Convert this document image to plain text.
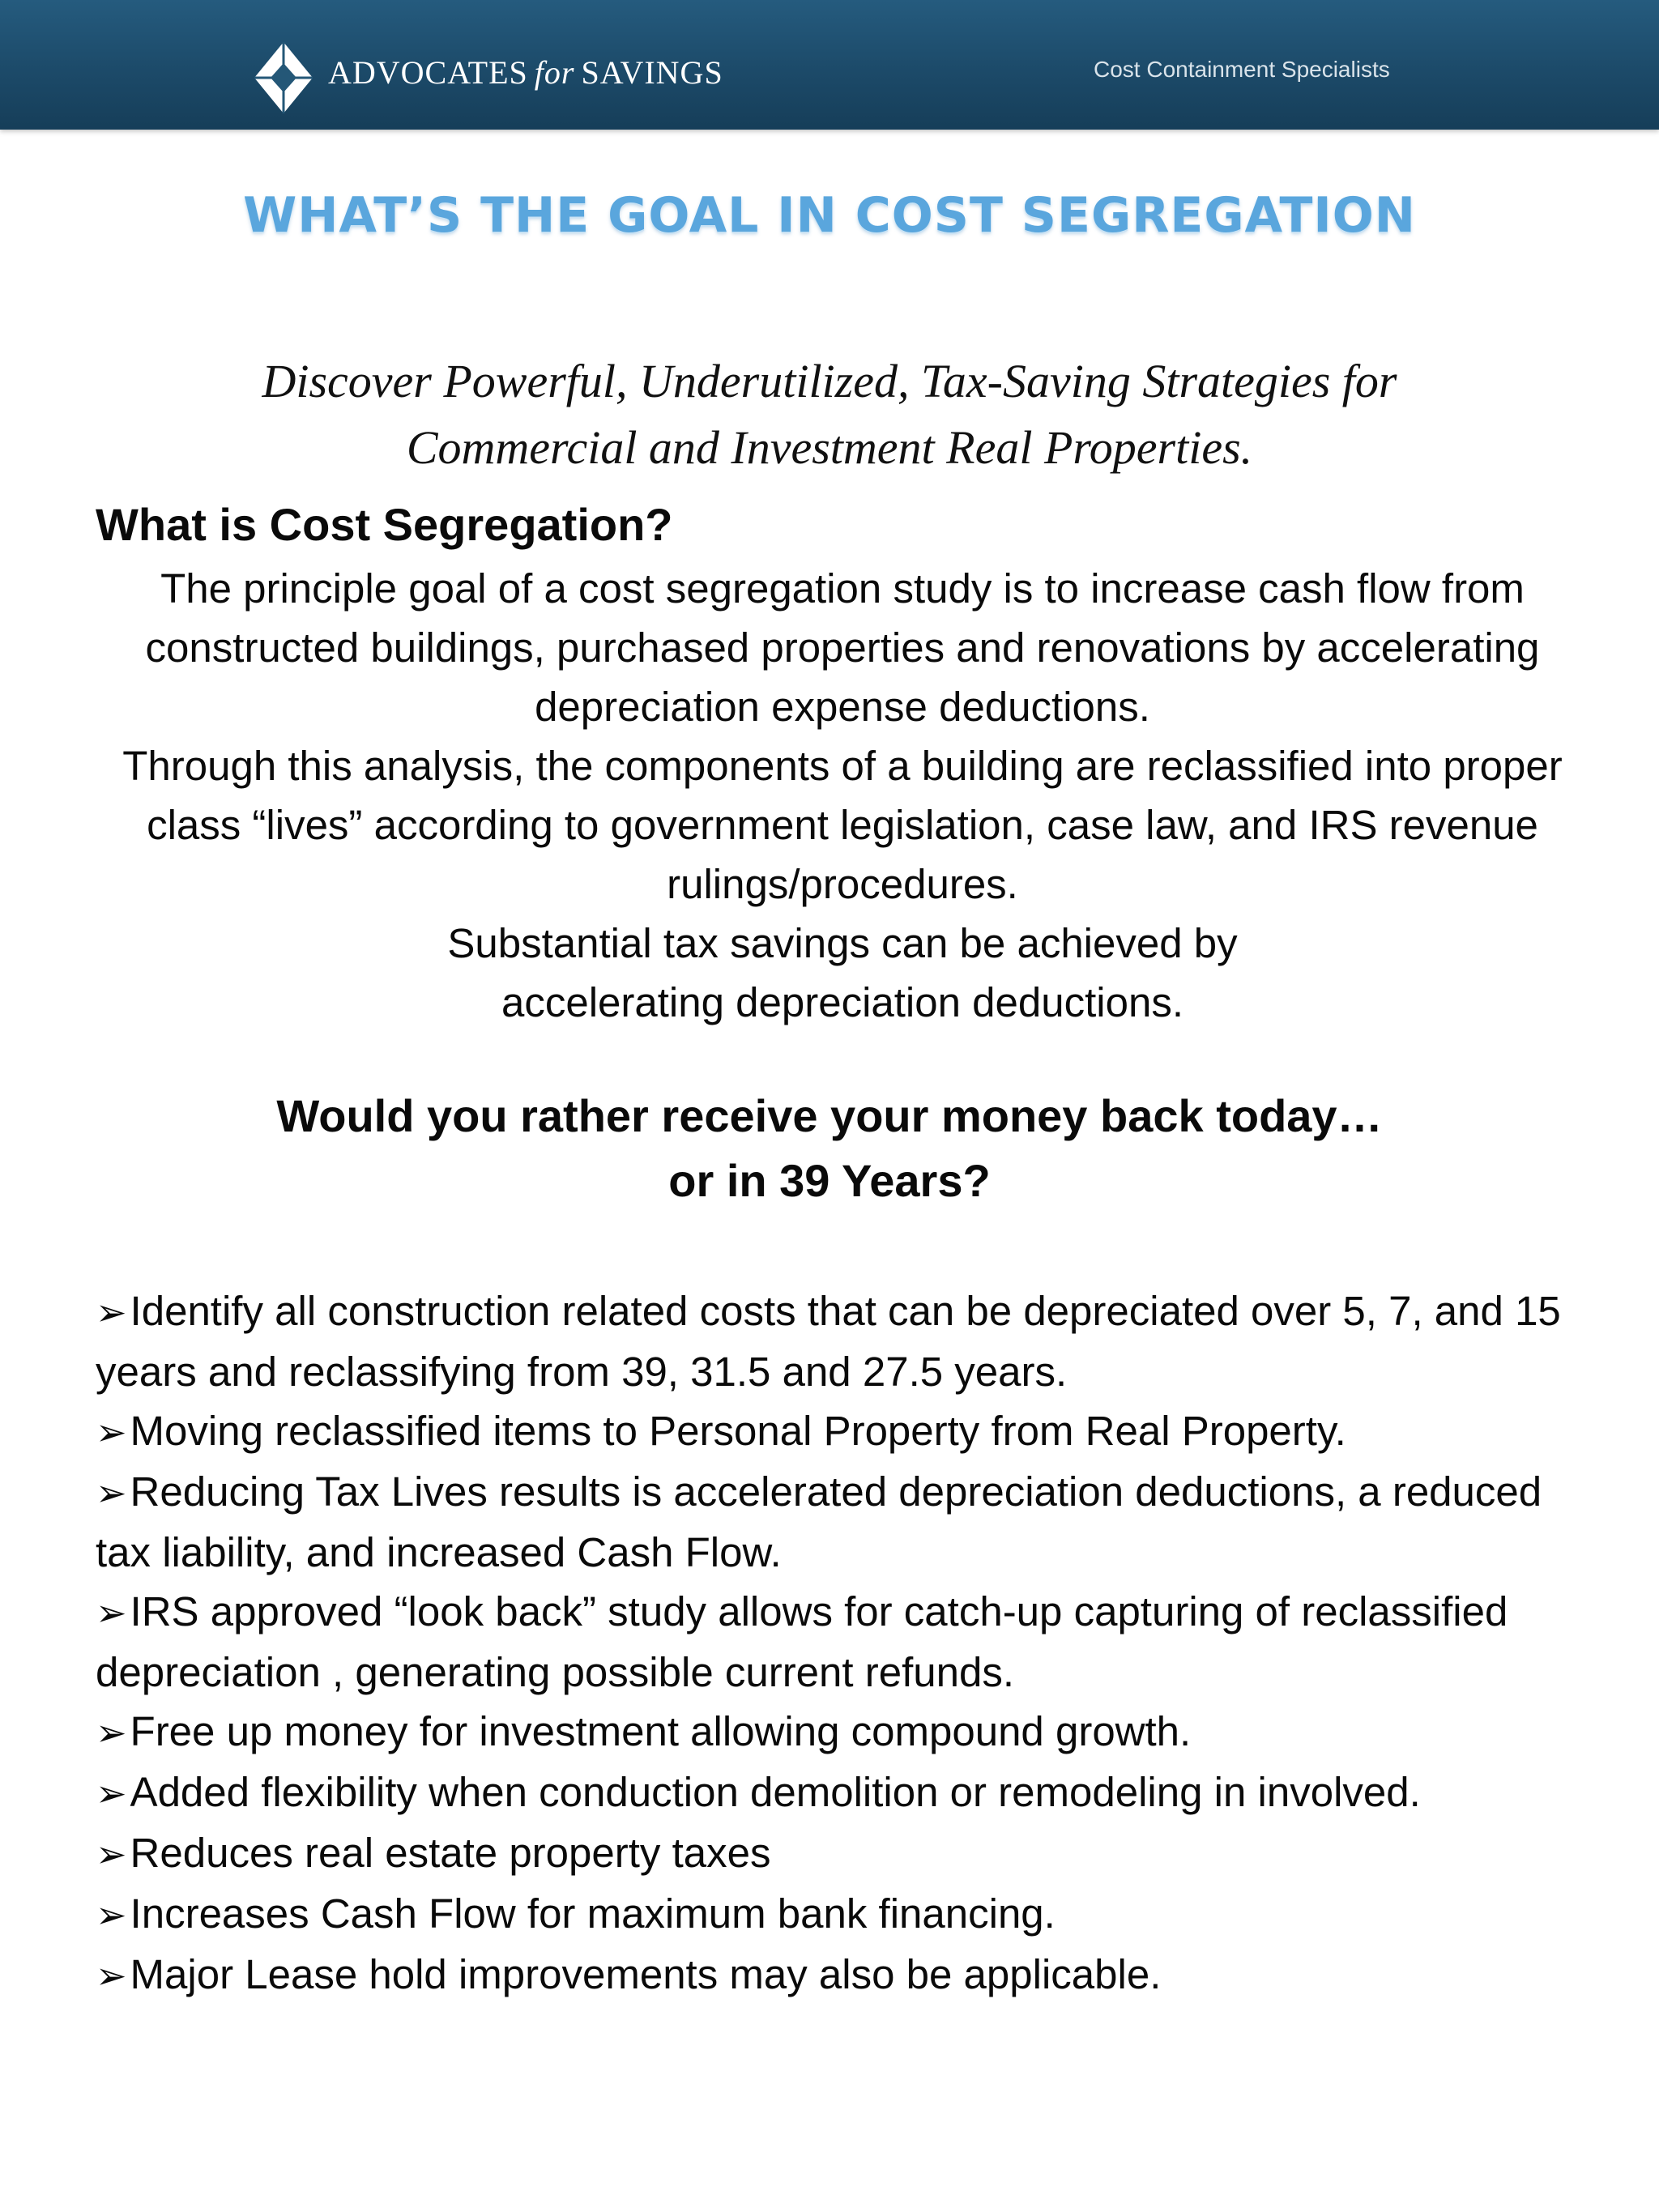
ADVOCATES for SAVINGS	Cost Containment Specialists
WHAT’S THE GOAL IN COST SEGREGATION
Discover Powerful, Underutilized, Tax-Saving Strategies for
Commercial and Investment Real Properties.
What is Cost Segregation?

The principle goal of a cost segregation study is to increase cash flow from constructed buildings, purchased properties and renovations by accelerating depreciation expense deductions.

Through this analysis, the components of a building are reclassified into proper class “lives” according to government legislation, case law, and IRS revenue rulings/procedures.

Substantial tax savings can be achieved by

accelerating depreciation deductions.

Would you rather receive your money back today…

or in 39 Years?

➢Identify all construction related costs that can be depreciated over 5, 7, and 15 years and reclassifying from 39, 31.5 and 27.5 years.
➢Moving reclassified items to Personal Property from Real Property.
➢Reducing Tax Lives results is accelerated depreciation deductions, a reduced tax liability, and increased Cash Flow.
➢IRS approved “look back” study allows for catch-up capturing of reclassified depreciation , generating possible current refunds.
➢Free up money for investment allowing compound growth.
➢Added flexibility when conduction demolition or remodeling in involved.
➢Reduces real estate property taxes
➢Increases Cash Flow for maximum bank financing.
➢Major Lease hold improvements may also be applicable.
